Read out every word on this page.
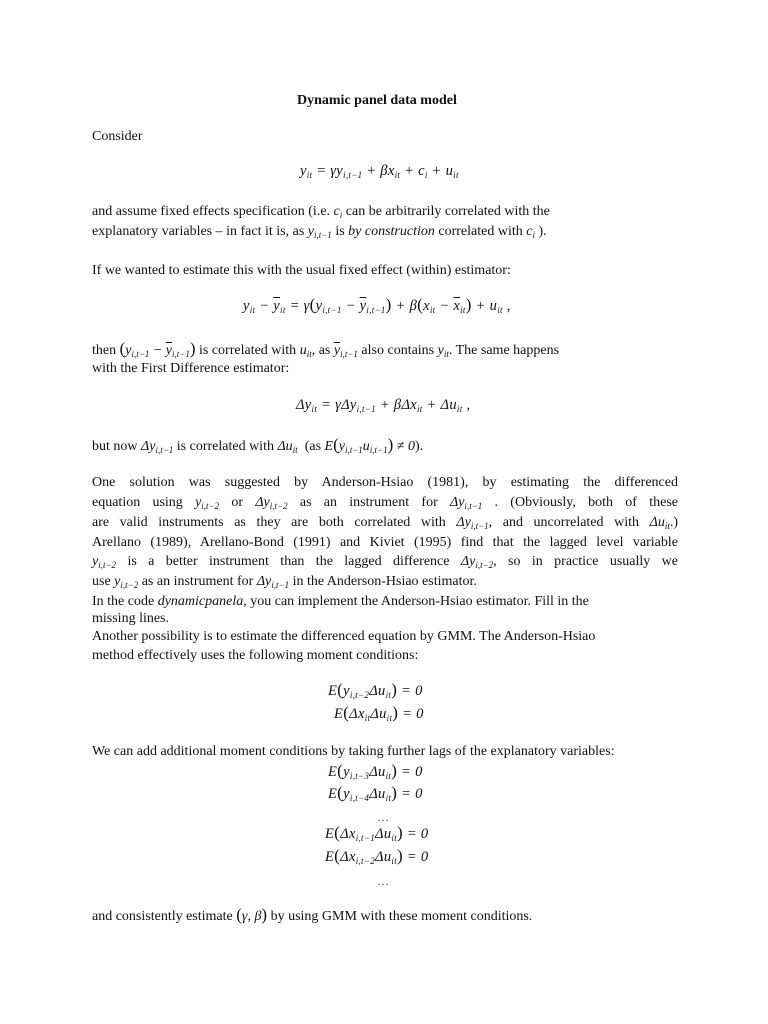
Dynamic panel data model
Consider
$y_{it} = \gamma y_{i,t-1} + \beta x_{it} + c_i + u_{it}$
and assume fixed effects specification (i.e. $c_i$ can be arbitrarily correlated with the
explanatory variables – in fact it is, as $y_{i,t-1}$ is by construction correlated with $c_i$ ).
If we wanted to estimate this with the usual fixed effect (within) estimator:
$y_{it} - \overline{y}_{it} = \gamma(y_{i,t-1} - \overline{y}_{i,t-1}) + \beta(x_{it} - \overline{x}_{it}) + u_{it}$ ,
then $(y_{i,t-1} - \overline{y}_{i,t-1})$ is correlated with $u_{it}$, as $\overline{y}_{i,t-1}$ also contains $y_{it}$. The same happens
with the First Difference estimator:
$\Delta y_{it} = \gamma\Delta y_{i,t-1} + \beta\Delta x_{it} + \Delta u_{it}$ ,
but now $\Delta y_{i,t-1}$ is correlated with $\Delta u_{it}$ (as $E(y_{i,t-1}u_{i,t-1}) \ne 0$).
One solution was suggested by Anderson-Hsiao (1981), by estimating the differenced
equation using $y_{i,t-2}$ or $\Delta y_{i,t-2}$ as an instrument for $\Delta y_{i,t-1}$ . (Obviously, both of these
are valid instruments as they are both correlated with $\Delta y_{i,t-1}$, and uncorrelated with $\Delta u_{it}$.)
Arellano (1989), Arellano-Bond (1991) and Kiviet (1995) find that the lagged level variable
$y_{i,t-2}$ is a better instrument than the lagged difference $\Delta y_{i,t-2}$, so in practice usually we
use $y_{i,t-2}$ as an instrument for $\Delta y_{i,t-1}$ in the Anderson-Hsiao estimator.
In the code dynamicpanela, you can implement the Anderson-Hsiao estimator. Fill in the
missing lines.
Another possibility is to estimate the differenced equation by GMM. The Anderson-Hsiao
method effectively uses the following moment conditions:
$E(y_{i,t-2}\Delta u_{it}) = 0$
$E(\Delta x_{it}\Delta u_{it}) = 0$
We can add additional moment conditions by taking further lags of the explanatory variables:
$E(y_{i,t-3}\Delta u_{it}) = 0$
$E(y_{i,t-4}\Delta u_{it}) = 0$
…
$E(\Delta x_{i,t-1}\Delta u_{it}) = 0$
$E(\Delta x_{i,t-2}\Delta u_{it}) = 0$
…
and consistently estimate (γ, β) by using GMM with these moment conditions.
